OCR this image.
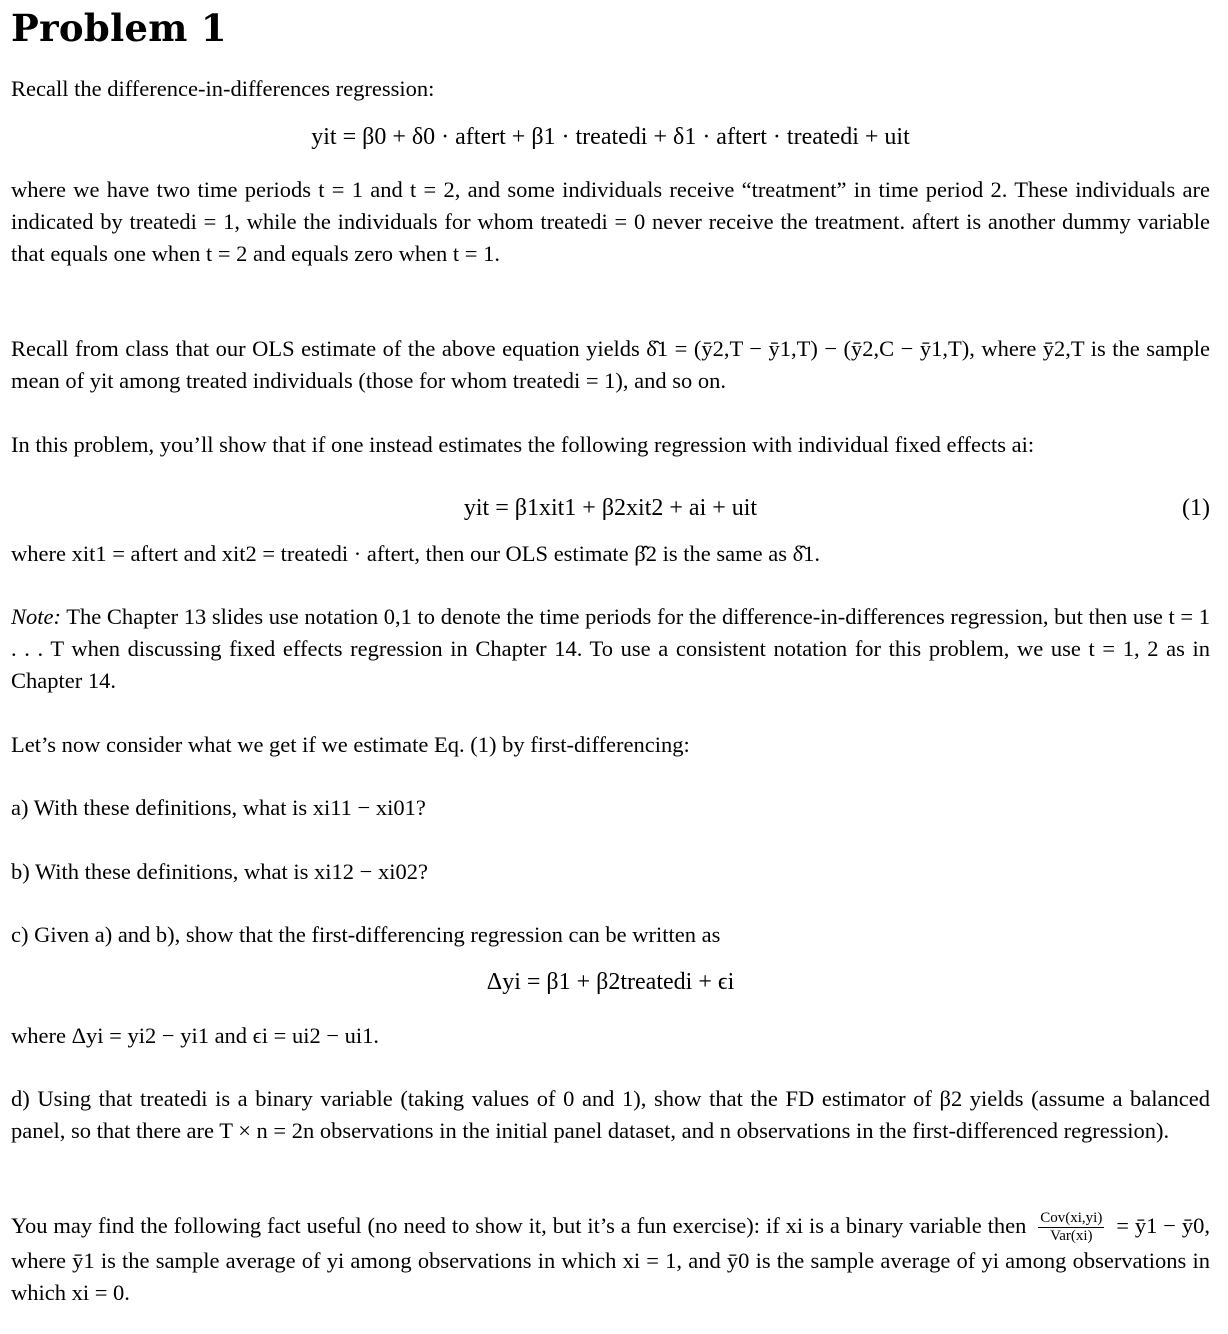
Problem 1

Recall the difference-in-differences regression:

yit = β0 + δ0 · aftert + β1 · treatedi + δ1 · aftert · treatedi + uit

where we have two time periods t = 1 and t = 2, and some individuals receive “treatment” in time period 2. These individuals are indicated by treatedi = 1, while the individuals for whom treatedi = 0 never receive the treatment. aftert is another dummy variable that equals one when t = 2 and equals zero when t = 1.

Recall from class that our OLS estimate of the above equation yields δ̂1 = (ȳ2,T − ȳ1,T) − (ȳ2,C − ȳ1,T), where ȳ2,T is the sample mean of yit among treated individuals (those for whom treatedi = 1), and so on.

In this problem, you’ll show that if one instead estimates the following regression with individual fixed effects ai:

yit = β1xit1 + β2xit2 + ai + uit	(1)

where xit1 = aftert and xit2 = treatedi · aftert, then our OLS estimate β̂2 is the same as δ̂1.

Note: The Chapter 13 slides use notation 0,1 to denote the time periods for the difference-in-differences regression, but then use t = 1 . . . T when discussing fixed effects regression in Chapter 14. To use a consistent notation for this problem, we use t = 1, 2 as in Chapter 14.

Let’s now consider what we get if we estimate Eq. (1) by first-differencing:

a) With these definitions, what is xi11 − xi01?

b) With these definitions, what is xi12 − xi02?

c) Given a) and b), show that the first-differencing regression can be written as

Δyi = β1 + β2treatedi + ϵi

where Δyi = yi2 − yi1 and ϵi = ui2 − ui1.

d) Using that treatedi is a binary variable (taking values of 0 and 1), show that the FD estimator of β2 yields (assume a balanced panel, so that there are T × n = 2n observations in the initial panel dataset, and n observations in the first-differenced regression).

You may find the following fact useful (no need to show it, but it’s a fun exercise): if xi is a binary variable then $\frac{\text{Cov(xi,yi)}}{\text{Var(xi)}}$ = ȳ1 − ȳ0, where ȳ1 is the sample average of yi among observations in which xi = 1, and ȳ0 is the sample average of yi among observations in which xi = 0.
